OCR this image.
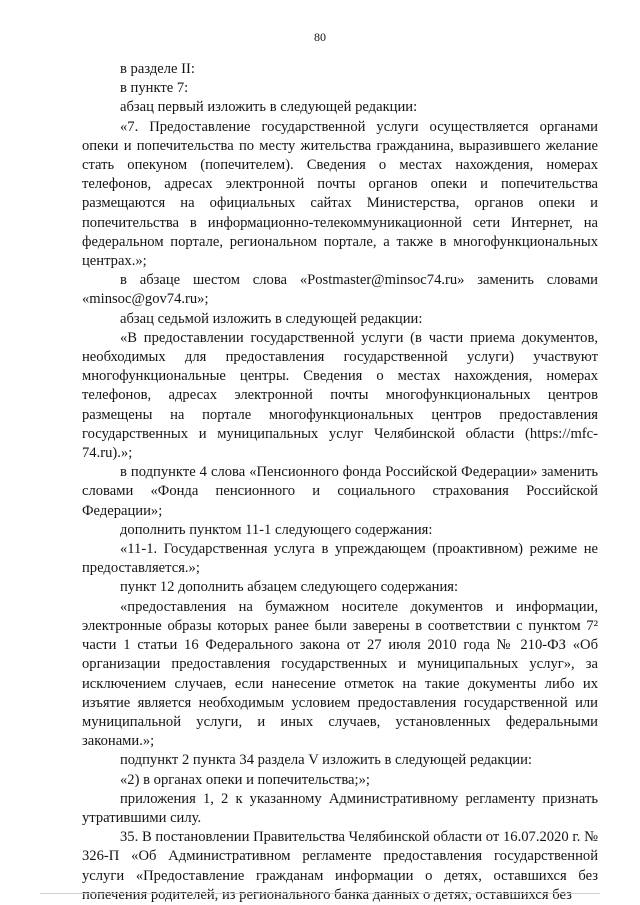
80

в разделе II:

в пункте 7:

абзац первый изложить в следующей редакции:

«7. Предоставление государственной услуги осуществляется органами опеки и попечительства по месту жительства гражданина, выразившего желание стать опекуном (попечителем). Сведения о местах нахождения, номерах телефонов, адресах электронной почты органов опеки и попечительства размещаются на официальных сайтах Министерства, органов опеки и попечительства в информационно-телекоммуникационной сети Интернет, на федеральном портале, региональном портале, а также в многофункциональных центрах.»;

в абзаце шестом слова «Postmaster@minsoc74.ru» заменить словами «minsoc@gov74.ru»;

абзац седьмой изложить в следующей редакции:

«В предоставлении государственной услуги (в части приема документов, необходимых для предоставления государственной услуги) участвуют многофункциональные центры. Сведения о местах нахождения, номерах телефонов, адресах электронной почты многофункциональных центров размещены на портале многофункциональных центров предоставления государственных и муниципальных услуг Челябинской области (https://mfc-74.ru).»;

в подпункте 4 слова «Пенсионного фонда Российской Федерации» заменить словами «Фонда пенсионного и социального страхования Российской Федерации»;

дополнить пунктом 11-1 следующего содержания:

«11-1. Государственная услуга в упреждающем (проактивном) режиме не предоставляется.»;

пункт 12 дополнить абзацем следующего содержания:

«предоставления на бумажном носителе документов и информации, электронные образы которых ранее были заверены в соответствии с пунктом 7² части 1 статьи 16 Федерального закона от 27 июля 2010 года № 210-ФЗ «Об организации предоставления государственных и муниципальных услуг», за исключением случаев, если нанесение отметок на такие документы либо их изъятие является необходимым условием предоставления государственной или муниципальной услуги, и иных случаев, установленных федеральными законами.»;

подпункт 2 пункта 34 раздела V изложить в следующей редакции:

«2) в органах опеки и попечительства;»;

приложения 1, 2 к указанному Административному регламенту признать утратившими силу.

35. В постановлении Правительства Челябинской области от 16.07.2020 г. № 326-П «Об Административном регламенте предоставления государственной услуги «Предоставление гражданам информации о детях, оставшихся без попечения родителей, из регионального банка данных о детях, оставшихся без
